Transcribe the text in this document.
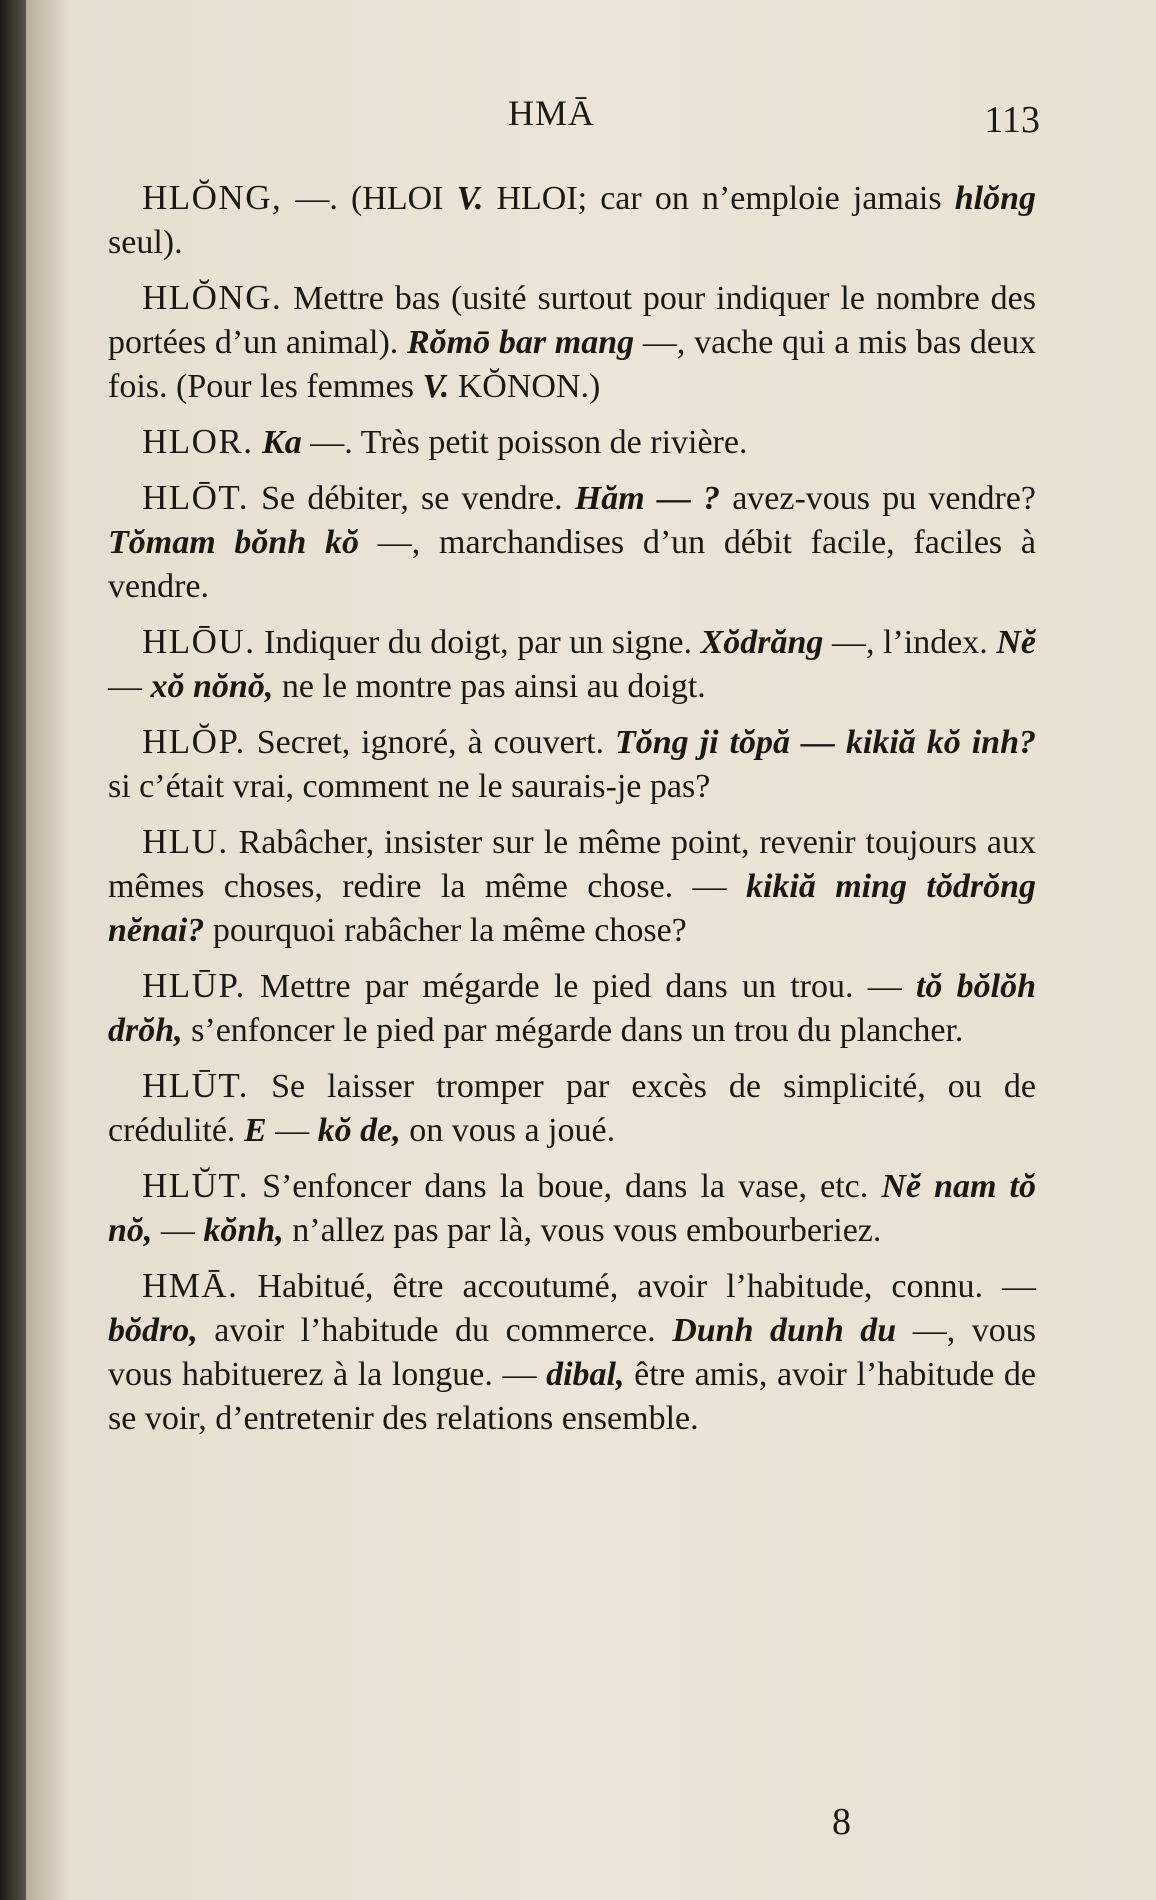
HMĀ	113

HLŎNG, —. (HLOI V. HLOI; car on n’emploie jamais hlŏng seul).

HLŎNG. Mettre bas (usité surtout pour indiquer le nombre des portées d’un animal). Rŏmō bar mang —, vache qui a mis bas deux fois. (Pour les femmes V. KŎNON.)

HLOR. Ka —. Très petit poisson de rivière.

HLŌT. Se débiter, se vendre. Hăm — ? avez-vous pu vendre? Tŏmam bŏnh kŏ —, marchandises d’un débit facile, faciles à vendre.

HLŌU. Indiquer du doigt, par un signe. Xŏdrăng —, l’index. Nĕ — xŏ nŏnŏ, ne le montre pas ainsi au doigt.

HLŎP. Secret, ignoré, à couvert. Tŏng ji tŏpă — kikiă kŏ inh? si c’était vrai, comment ne le saurais-je pas?

HLU. Rabâcher, insister sur le même point, revenir toujours aux mêmes choses, redire la même chose. — kikiă ming tŏdrŏng nĕnai? pourquoi rabâcher la même chose?

HLŪP. Mettre par mégarde le pied dans un trou. — tŏ bŏlŏh drŏh, s’enfoncer le pied par mégarde dans un trou du plancher.

HLŪT. Se laisser tromper par excès de simplicité, ou de crédulité. E — kŏ de, on vous a joué.

HLŬT. S’enfoncer dans la boue, dans la vase, etc. Nĕ nam tŏ nŏ, — kŏnh, n’allez pas par là, vous vous embourberiez.

HMĀ. Habitué, être accoutumé, avoir l’habitude, connu. — bŏdro, avoir l’habitude du commerce. Dunh dunh du —, vous vous habituerez à la longue. — dibal, être amis, avoir l’habitude de se voir, d’entretenir des relations ensemble.

8
